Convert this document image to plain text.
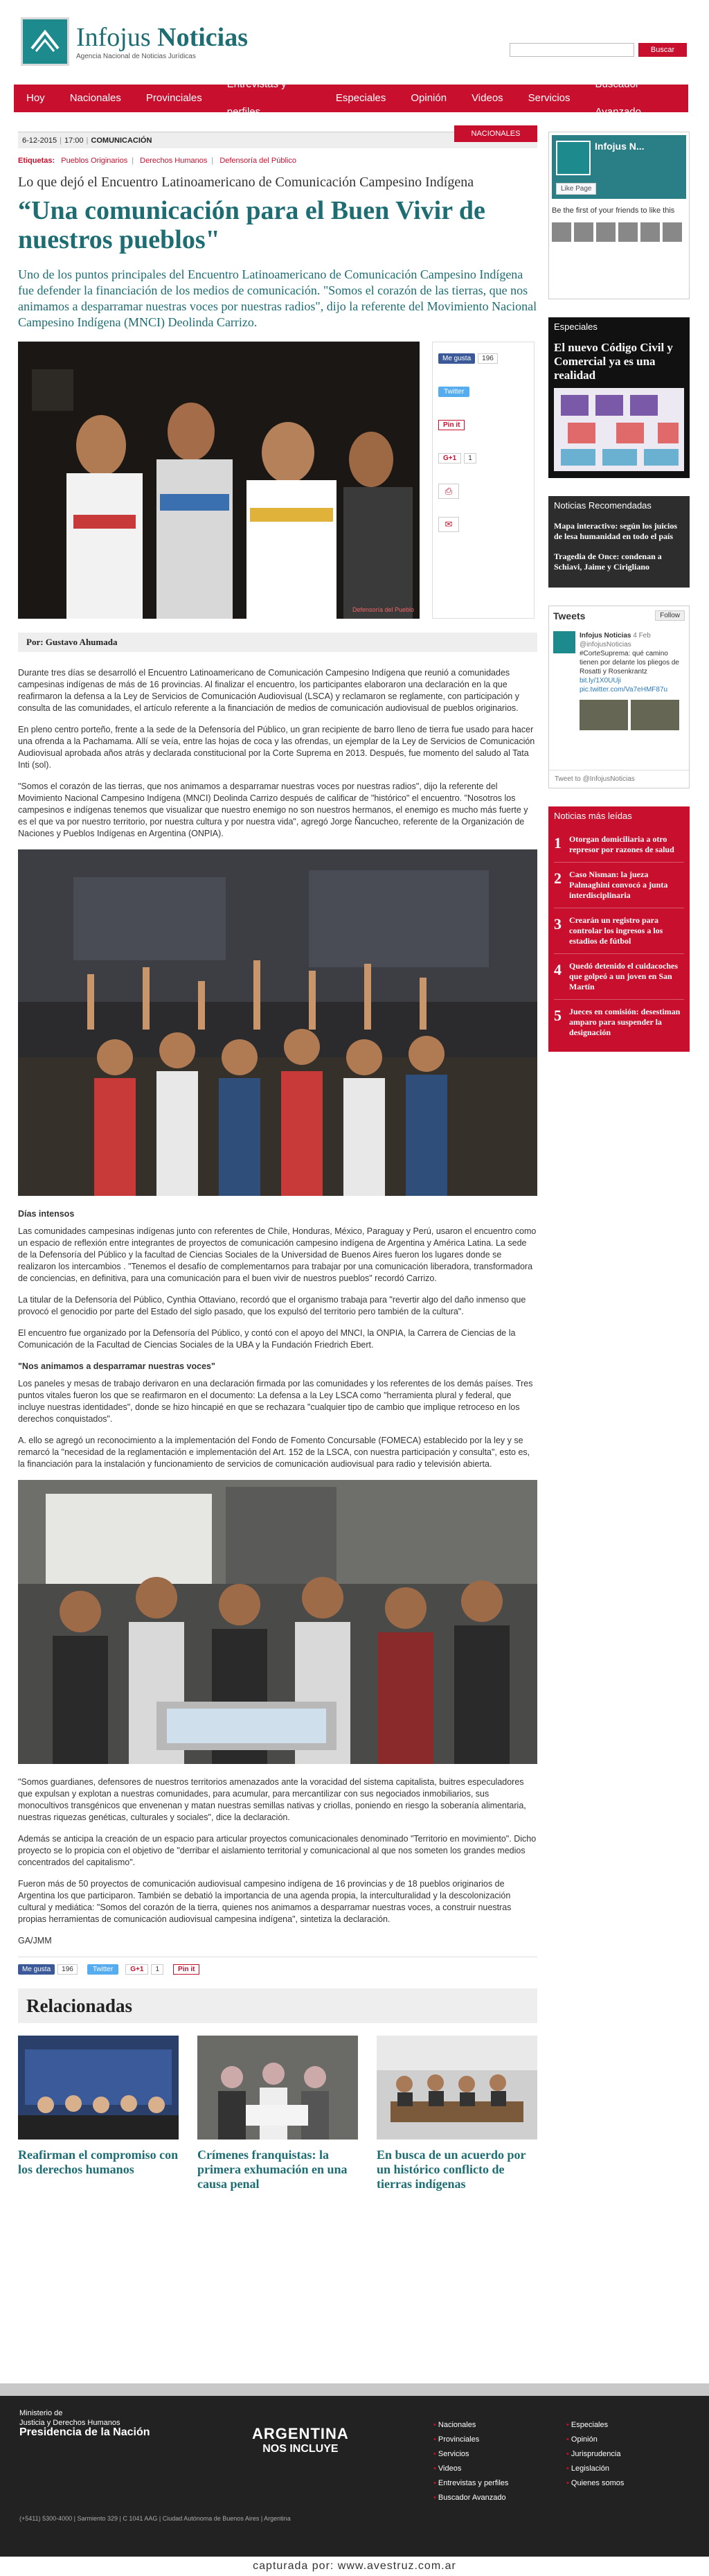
Infojus Noticias
Agencia Nacional de Noticias Jurídicas
Buscar
Hoy	Nacionales	Provinciales
Entrevistas y perfiles
Especiales	Opinión	Videos	Servicios
Buscador Avanzado
6-12-2015 | 17:00 | COMUNICACIÓN
NACIONALES
Etiquetas: Pueblos Originarios | Derechos Humanos | Defensoría del Público
Lo que dejó el Encuentro Latinoamericano de Comunicación Campesino Indígena
“Una comunicación para el Buen Vivir de nuestros pueblos"
Uno de los puntos principales del Encuentro Latinoamericano de Comunicación Campesino Indígena fue defender la financiación de los medios de comunicación. "Somos el corazón de las tierras, que nos animamos a desparramar nuestras voces por nuestras radios", dijo la referente del Movimiento Nacional Campesino Indígena (MNCI) Deolinda Carrizo.
Defensoría del Pueblo
Me gusta	196
Twitter
Pin it
G+1	1
⎙
✉
Por: Gustavo Ahumada

Durante tres días se desarrolló el Encuentro Latinoamericano de Comunicación Campesino Indígena que reunió a comunidades campesinas indígenas de más de 16 provincias. Al finalizar el encuentro, los participantes elaboraron una declaración en la que reafirmaron la defensa a la Ley de Servicios de Comunicación Audiovisual (LSCA) y reclamaron se reglamente, con participación y consulta de las comunidades, el artículo referente a la financiación de medios de comunicación audiovisual de pueblos originarios.

En pleno centro porteño, frente a la sede de la Defensoría del Público, un gran recipiente de barro lleno de tierra fue usado para hacer una ofrenda a la Pachamama. Allí se veía, entre las hojas de coca y las ofrendas, un ejemplar de la Ley de Servicios de Comunicación Audiovisual aprobada años atrás y declarada constitucional por la Corte Suprema en 2013. Después, fue momento del saludo al Tata Inti (sol).

"Somos el corazón de las tierras, que nos animamos a desparramar nuestras voces por nuestras radios", dijo la referente del Movimiento Nacional Campesino Indígena (MNCI) Deolinda Carrizo después de calificar de "histórico" el encuentro. "Nosotros los campesinos e indígenas tenemos que visualizar que nuestro enemigo no son nuestros hermanos, el enemigo es mucho más fuerte y es el que va por nuestro territorio, por nuestra cultura y por nuestra vida", agregó Jorge Ñancucheo, referente de la Organización de Naciones y Pueblos Indígenas en Argentina (ONPIA).

Días intensos

Las comunidades campesinas indígenas junto con referentes de Chile, Honduras, México, Paraguay y Perú, usaron el encuentro como un espacio de reflexión entre integrantes de proyectos de comunicación campesino indígena de Argentina y América Latina. La sede de la Defensoría del Público y la facultad de Ciencias Sociales de la Universidad de Buenos Aires fueron los lugares donde se realizaron los intercambios . "Tenemos el desafío de complementarnos para trabajar por una comunicación liberadora, transformadora de conciencias, en definitiva, para una comunicación para el buen vivir de nuestros pueblos" recordó Carrizo.

La titular de la Defensoría del Público, Cynthia Ottaviano, recordó que el organismo trabaja para "revertir algo del daño inmenso que provocó el genocidio por parte del Estado del siglo pasado, que los expulsó del territorio pero también de la cultura".

El encuentro fue organizado por la Defensoría del Público, y contó con el apoyo del MNCI, la ONPIA, la Carrera de Ciencias de la Comunicación de la Facultad de Ciencias Sociales de la UBA y la Fundación Friedrich Ebert.

"Nos animamos a desparramar nuestras voces"

Los paneles y mesas de trabajo derivaron en una declaración firmada por las comunidades y los referentes de los demás países. Tres puntos vitales fueron los que se reafirmaron en el documento: La defensa a la Ley LSCA como "herramienta plural y federal, que incluye nuestras identidades", donde se hizo hincapié en que se rechazara "cualquier tipo de cambio que implique retroceso en los derechos conquistados".

A. ello se agregó un reconocimiento a la implementación del Fondo de Fomento Concursable (FOMECA) establecido por la ley y se remarcó la "necesidad de la reglamentación e implementación del Art. 152 de la LSCA, con nuestra participación y consulta", esto es, la financiación para la instalación y funcionamiento de servicios de comunicación audiovisual para radio y televisión abierta.

"Somos guardianes, defensores de nuestros territorios amenazados ante la voracidad del sistema capitalista, buitres especuladores que expulsan y explotan a nuestras comunidades, para acumular, para mercantilizar con sus negociados inmobiliarios, sus monocultivos transgénicos que envenenan y matan nuestras semillas nativas y criollas, poniendo en riesgo la soberanía alimentaria, nuestras riquezas genéticas, culturales y sociales", dice la declaración.

Además se anticipa la creación de un espacio para articular proyectos comunicacionales denominado "Territorio en movimiento". Dicho proyecto se lo propicia con el objetivo de "derribar el aislamiento territorial y comunicacional al que nos someten los grandes medios concentrados del capitalismo".

Fueron más de 50 proyectos de comunicación audiovisual campesino indígena de 16 provincias y de 18 pueblos originarios de Argentina los que participaron. También se debatió la importancia de una agenda propia, la interculturalidad y la descolonización cultural y mediática: "Somos del corazón de la tierra, quienes nos animamos a desparramar nuestras voces, a construir nuestras propias herramientas de comunicación audiovisual campesina indígena", sintetiza la declaración.

GA/JMM

Me gusta	196	Twitter	G+1	1	Pin it
Relacionadas
Reafirman el compromiso con los derechos humanos
Crímenes franquistas: la primera exhumación en una causa penal
En busca de un acuerdo por un histórico conflicto de tierras indígenas
Infojus N...
Like Page
Be the first of your friends to like this
Especiales
El nuevo Código Civil y Comercial ya es una realidad
Noticias Recomendadas
Mapa interactivo: según los juicios de lesa humanidad en todo el país
Tragedia de Once: condenan a Schiavi, Jaime y Cirigliano
Tweets	Follow
Infojus Noticias 4 Feb
@infojusNoticias
#CorteSuprema: qué camino tienen por delante los pliegos de Rosatti y Rosenkrantz
bit.ly/1X0UUji pic.twitter.com/Va7eHMF87u
Tweet to @InfojusNoticias
Noticias más leídas
1 Otorgan domiciliaria a otro represor por razones de salud
2 Caso Nisman: la jueza Palmaghini convocó a junta interdisciplinaria
3 Crearán un registro para controlar los ingresos a los estadios de fútbol
4 Quedó detenido el cuidacoches que golpeó a un joven en San Martín
5 Jueces en comisión: desestiman amparo para suspender la designación
Ministerio de
Justicia y Derechos Humanos
Presidencia de la Nación
(+5411) 5300-4000 | Sarmiento 329 | C 1041 AAG | Ciudad Autónoma de Buenos Aires | Argentina
ARGENTINA
NOS INCLUYE
• Nacionales
• Provinciales
• Servicios
• Videos
• Entrevistas y perfiles
• Buscador Avanzado
• Especiales
• Opinión
• Jurisprudencia
• Legislación
• Quienes somos
capturada por: www.avestruz.com.ar
